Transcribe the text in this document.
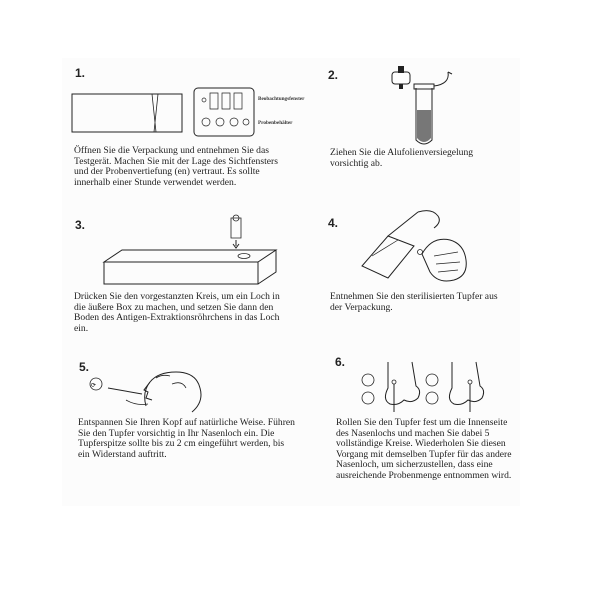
1.
Beobachtungsfenster
Probenbehälter
Öffnen Sie die Verpackung und entnehmen Sie das Testgerät. Machen Sie mit der Lage des Sichtfensters und der Probenvertiefung (en) vertraut. Es sollte innerhalb einer Stunde verwendet werden.
2.
Ziehen Sie die Alufolienversiegelung vorsichtig ab.
3.
Drücken Sie den vorgestanzten Kreis, um ein Loch in die äußere Box zu machen, und setzen Sie dann den Boden des Antigen-Extraktionsröhrchens in das Loch ein.
4.
Entnehmen Sie den sterilisierten Tupfer aus der Verpackung.
5.
⟳
Entspannen Sie Ihren Kopf auf natürliche Weise. Führen Sie den Tupfer vorsichtig in Ihr Nasenloch ein. Die Tupferspitze sollte bis zu 2 cm eingeführt werden, bis ein Widerstand auftritt.
6.
Rollen Sie den Tupfer fest um die Innenseite des Nasenlochs und machen Sie dabei 5 vollständige Kreise. Wiederholen Sie diesen Vorgang mit demselben Tupfer für das andere Nasenloch, um sicherzustellen, dass eine ausreichende Probenmenge entnommen wird.
